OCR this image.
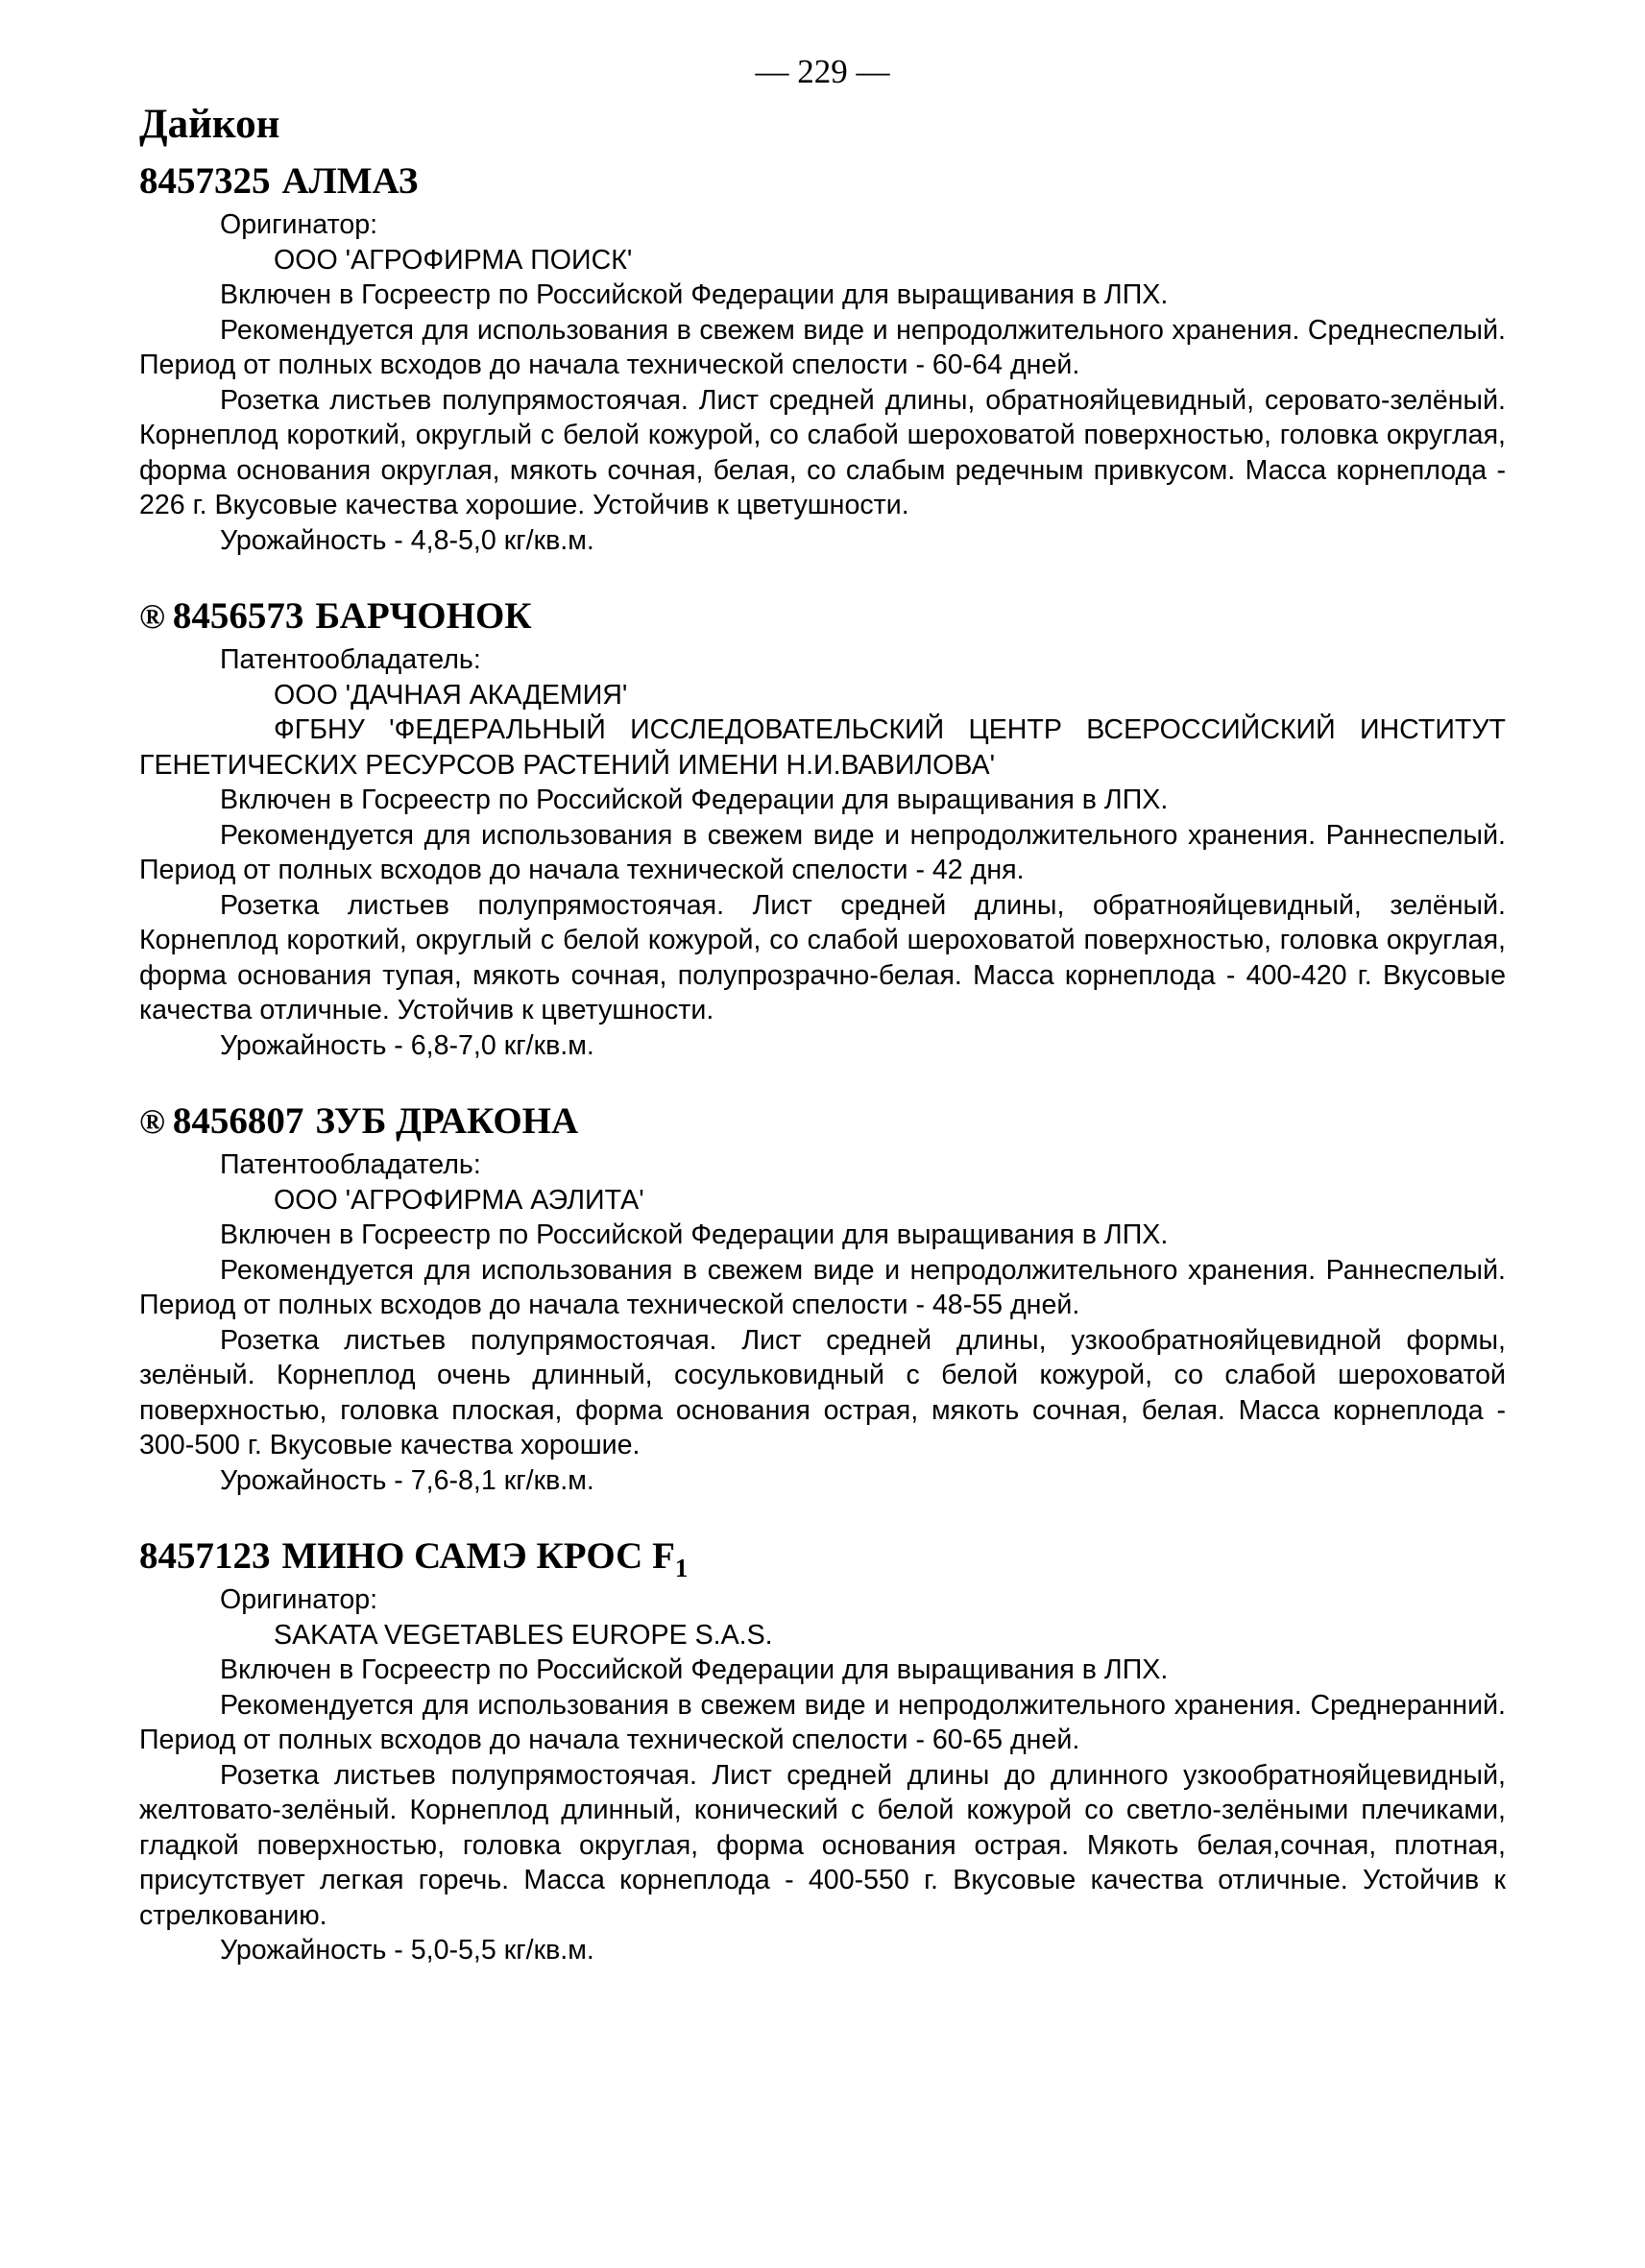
— 229 —
Дайкон
8457325 АЛМАЗ

Оригинатор:

ООО 'АГРОФИРМА ПОИСК'

Включен в Госреестр по Российской Федерации для выращивания в ЛПХ.

Рекомендуется для использования в свежем виде и непродолжительного хранения. Среднеспелый. Период от полных всходов до начала технической спелости - 60-64 дней.

Розетка листьев полупрямостоячая. Лист средней длины, обратнояйцевидный, серовато-зелёный. Корнеплод короткий, округлый с белой кожурой, со слабой шероховатой поверхностью, головка округлая, форма основания округлая, мякоть сочная, белая, со слабым редечным привкусом. Масса корнеплода - 226 г. Вкусовые качества хорошие. Устойчив к цветушности.

Урожайность - 4,8-5,0 кг/кв.м.

® 8456573 БАРЧОНОК

Патентообладатель:

ООО 'ДАЧНАЯ АКАДЕМИЯ'

ФГБНУ 'ФЕДЕРАЛЬНЫЙ ИССЛЕДОВАТЕЛЬСКИЙ ЦЕНТР ВСЕРОССИЙСКИЙ ИНСТИТУТ ГЕНЕТИЧЕСКИХ РЕСУРСОВ РАСТЕНИЙ ИМЕНИ Н.И.ВАВИЛОВА'

Включен в Госреестр по Российской Федерации для выращивания в ЛПХ.

Рекомендуется для использования в свежем виде и непродолжительного хранения. Раннеспелый. Период от полных всходов до начала технической спелости - 42 дня.

Розетка листьев полупрямостоячая. Лист средней длины, обратнояйцевидный, зелёный. Корнеплод короткий, округлый с белой кожурой, со слабой шероховатой поверхностью, головка округлая, форма основания тупая, мякоть сочная, полупрозрачно-белая. Масса корнеплода - 400-420 г. Вкусовые качества отличные. Устойчив к цветушности.

Урожайность - 6,8-7,0 кг/кв.м.

® 8456807 ЗУБ ДРАКОНА

Патентообладатель:

ООО 'АГРОФИРМА АЭЛИТА'

Включен в Госреестр по Российской Федерации для выращивания в ЛПХ.

Рекомендуется для использования в свежем виде и непродолжительного хранения. Раннеспелый. Период от полных всходов до начала технической спелости - 48-55 дней.

Розетка листьев полупрямостоячая. Лист средней длины, узкообратнояйцевидной формы, зелёный. Корнеплод очень длинный, сосульковидный с белой кожурой, со слабой шероховатой поверхностью, головка плоская, форма основания острая, мякоть сочная, белая. Масса корнеплода - 300-500 г. Вкусовые качества хорошие.

Урожайность - 7,6-8,1 кг/кв.м.

8457123 МИНО САМЭ КРОС $F_1$

Оригинатор:

SAKATA VEGETABLES EUROPE S.A.S.

Включен в Госреестр по Российской Федерации для выращивания в ЛПХ.

Рекомендуется для использования в свежем виде и непродолжительного хранения. Среднеранний. Период от полных всходов до начала технической спелости - 60-65 дней.

Розетка листьев полупрямостоячая. Лист средней длины до длинного узкообратнояйцевидный, желтовато-зелёный. Корнеплод длинный, конический с белой кожурой со светло-зелёными плечиками, гладкой поверхностью, головка округлая, форма основания острая. Мякоть белая,сочная, плотная, присутствует легкая горечь. Масса корнеплода - 400-550 г. Вкусовые качества отличные. Устойчив к стрелкованию.

Урожайность - 5,0-5,5 кг/кв.м.
